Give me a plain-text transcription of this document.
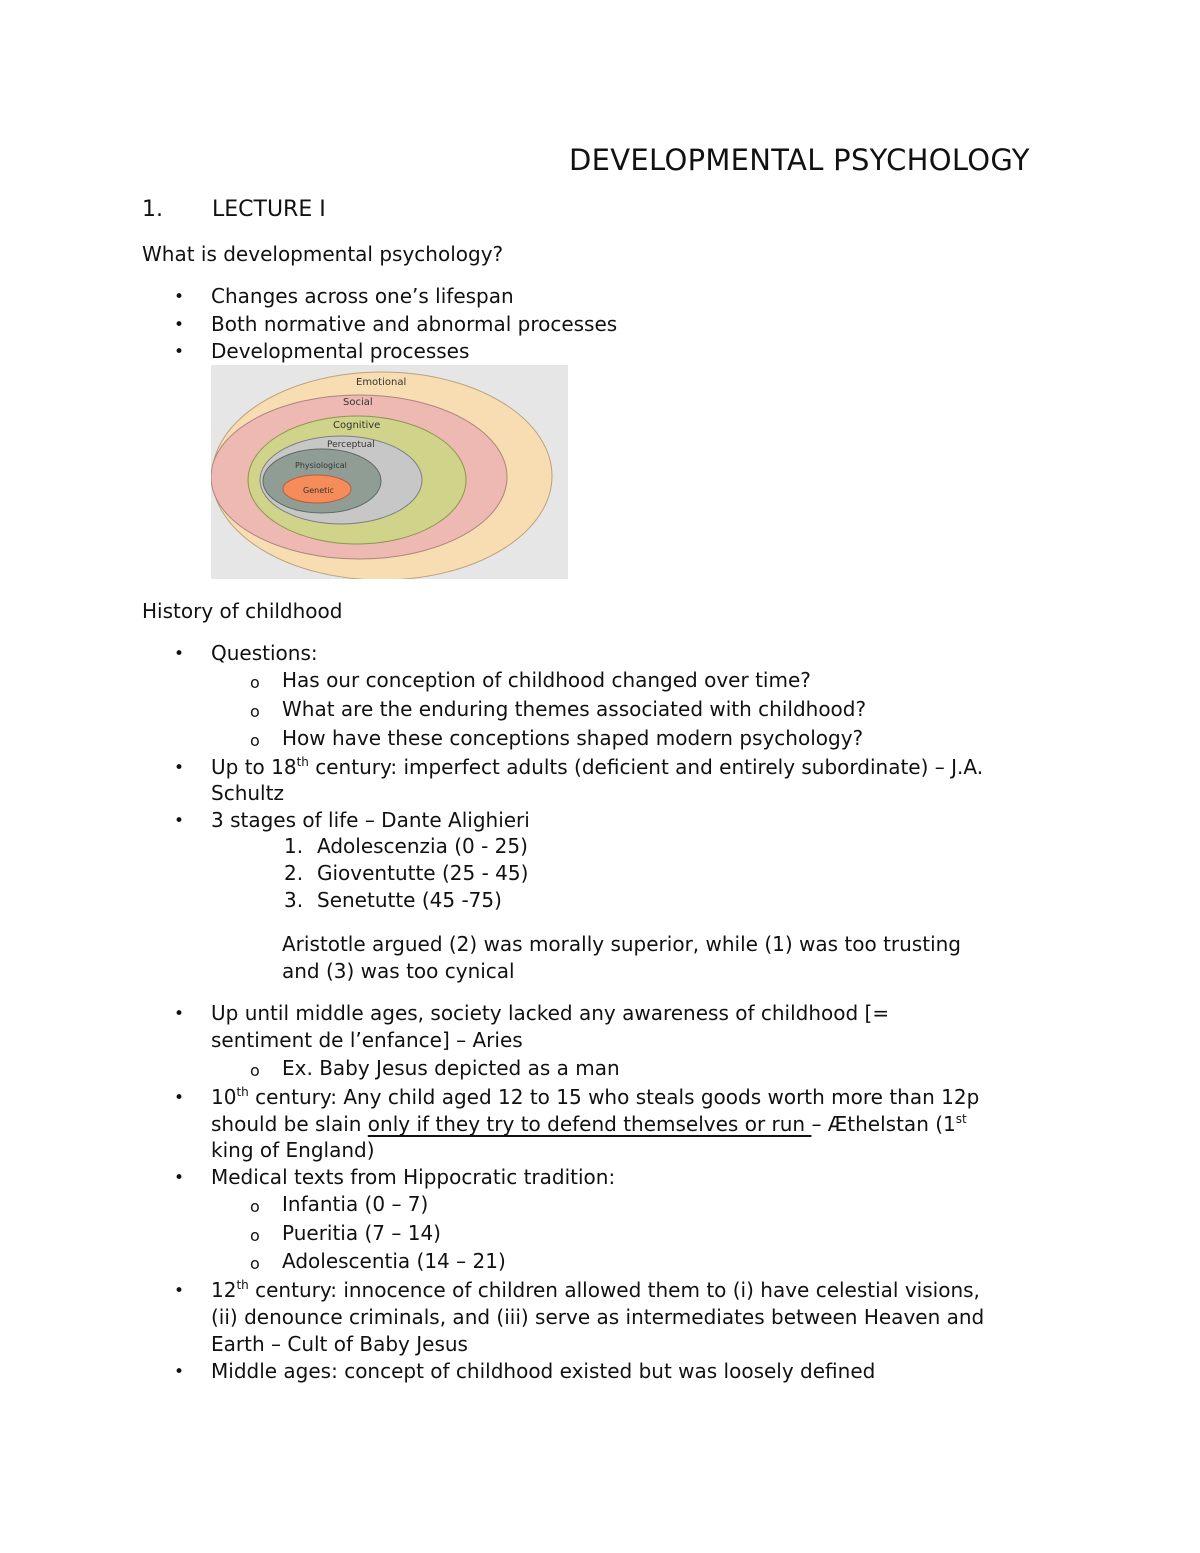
DEVELOPMENTAL PSYCHOLOGY
1. LECTURE I
What is developmental psychology?
• Changes across one’s lifespan
• Both normative and abnormal processes
• Developmental processes
Emotional
Social
Cognitive
Perceptual
Physiological
Genetic
History of childhood
• Questions:
o Has our conception of childhood changed over time?
o What are the enduring themes associated with childhood?
o How have these conceptions shaped modern psychology?
• Up to 18th century: imperfect adults (deficient and entirely subordinate) – J.A.
Schultz
• 3 stages of life – Dante Alighieri
1. Adolescenzia (0 - 25)
2. Gioventutte (25 - 45)
3. Senetutte (45 -75)
Aristotle argued (2) was morally superior, while (1) was too trusting
and (3) was too cynical
• Up until middle ages, society lacked any awareness of childhood [=
sentiment de l’enfance] – Aries
o Ex. Baby Jesus depicted as a man
• 10th century: Any child aged 12 to 15 who steals goods worth more than 12p
should be slain only if they try to defend themselves or run – Æthelstan (1st
king of England)
• Medical texts from Hippocratic tradition:
o Infantia (0 – 7)
o Pueritia (7 – 14)
o Adolescentia (14 – 21)
• 12th century: innocence of children allowed them to (i) have celestial visions,
(ii) denounce criminals, and (iii) serve as intermediates between Heaven and
Earth – Cult of Baby Jesus
• Middle ages: concept of childhood existed but was loosely defined
